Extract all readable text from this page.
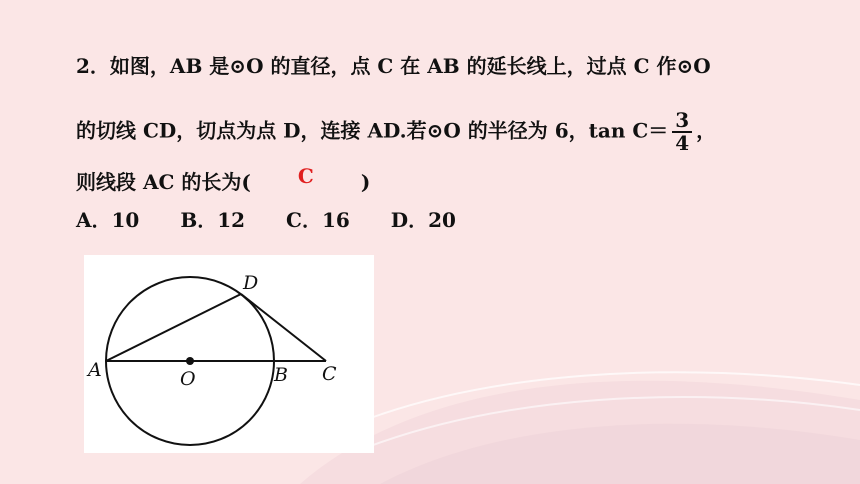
2．如图，AB 是⊙O 的直径，点 C 在 AB 的延长线上，过点 C 作⊙O
的切线 CD，切点为点 D，连接 AD.若⊙O 的半径为 6，$\tan C= \frac{3}{4}$ ，
则线段 AC 的长为( C )
A．10 B．12 C．16 D．20
A	O	B C
D
